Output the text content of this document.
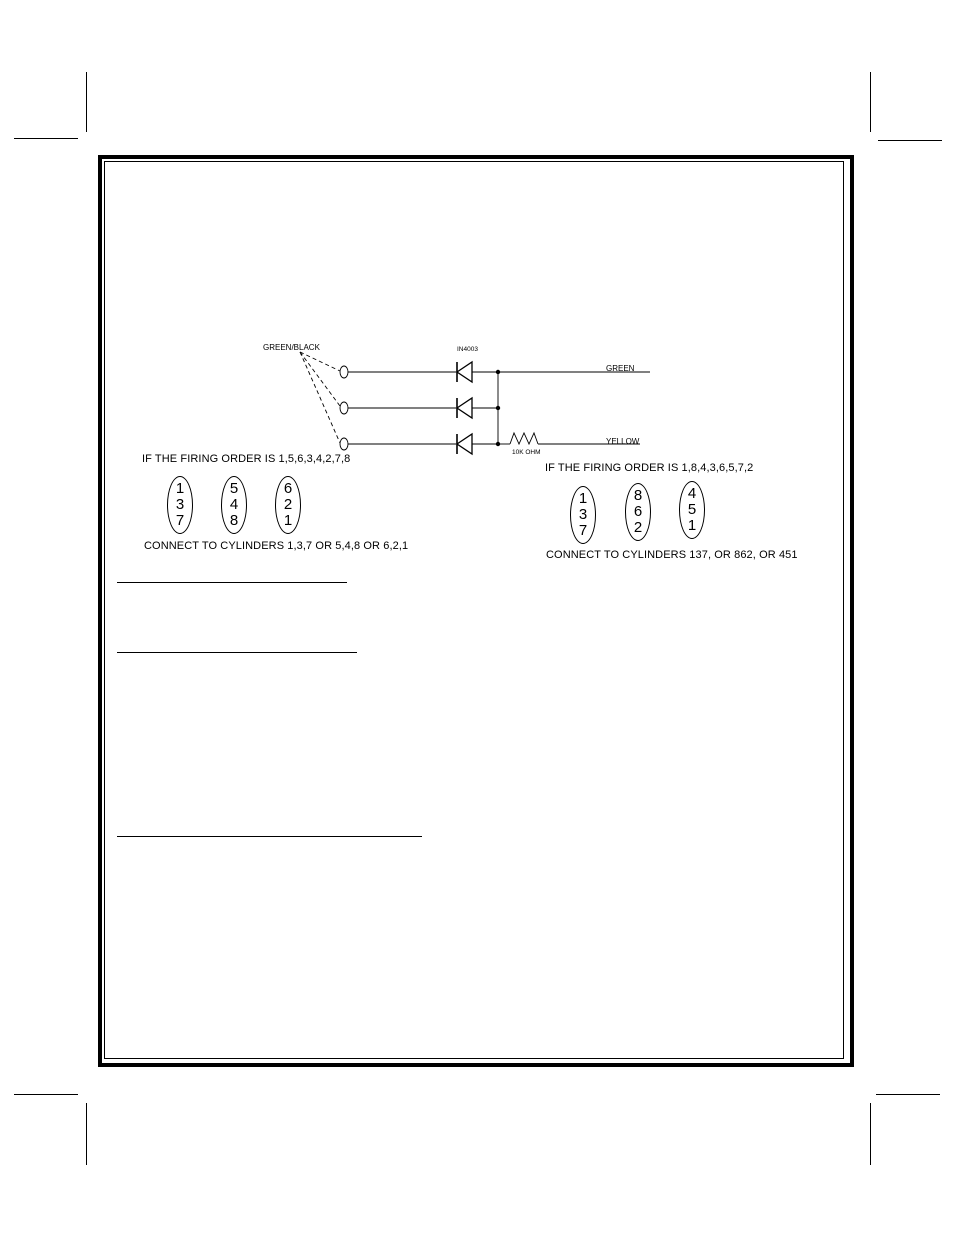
GREEN/BLACK	IN4003
GREEN
YELLOW
10K OHM
IF THE FIRING ORDER IS 1,5,6,3,4,2,7,8
1
3
7
5
4
8
6
2
1
CONNECT TO CYLINDERS 1,3,7 OR 5,4,8 OR 6,2,1
IF THE FIRING ORDER IS 1,8,4,3,6,5,7,2
1
3
7
8
6
2
4
5
1
CONNECT TO CYLINDERS 137, OR 862, OR 451
